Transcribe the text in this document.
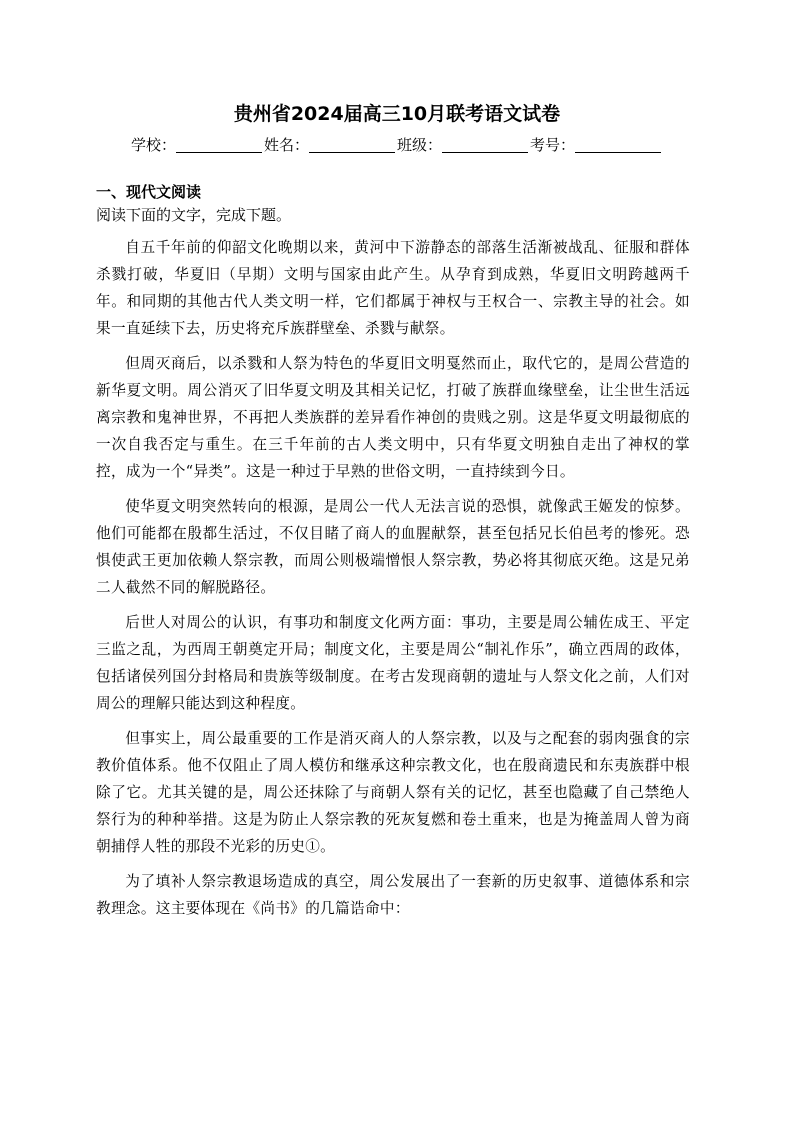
贵州省2024届高三10月联考语文试卷
学校：	姓名：	班级：	考号：
一、现代文阅读
阅读下面的文字，完成下题。

自五千年前的仰韶文化晚期以来，黄河中下游静态的部落生活渐被战乱、征服和群体杀戮打破，华夏旧（早期）文明与国家由此产生。从孕育到成熟，华夏旧文明跨越两千年。和同期的其他古代人类文明一样，它们都属于神权与王权合一、宗教主导的社会。如果一直延续下去，历史将充斥族群壁垒、杀戮与献祭。

但周灭商后，以杀戮和人祭为特色的华夏旧文明戛然而止，取代它的，是周公营造的新华夏文明。周公消灭了旧华夏文明及其相关记忆，打破了族群血缘壁垒，让尘世生活远离宗教和鬼神世界，不再把人类族群的差异看作神创的贵贱之别。这是华夏文明最彻底的一次自我否定与重生。在三千年前的古人类文明中，只有华夏文明独自走出了神权的掌控，成为一个“异类”。这是一种过于早熟的世俗文明，一直持续到今日。

使华夏文明突然转向的根源，是周公一代人无法言说的恐惧，就像武王姬发的惊梦。他们可能都在殷都生活过，不仅目睹了商人的血腥献祭，甚至包括兄长伯邑考的惨死。恐惧使武王更加依赖人祭宗教，而周公则极端憎恨人祭宗教，势必将其彻底灭绝。这是兄弟二人截然不同的解脱路径。

后世人对周公的认识，有事功和制度文化两方面：事功，主要是周公辅佐成王、平定三监之乱，为西周王朝奠定开局；制度文化，主要是周公“制礼作乐”，确立西周的政体，包括诸侯列国分封格局和贵族等级制度。在考古发现商朝的遗址与人祭文化之前，人们对周公的理解只能达到这种程度。

但事实上，周公最重要的工作是消灭商人的人祭宗教，以及与之配套的弱肉强食的宗教价值体系。他不仅阻止了周人模仿和继承这种宗教文化，也在殷商遗民和东夷族群中根除了它。尤其关键的是，周公还抹除了与商朝人祭有关的记忆，甚至也隐藏了自己禁绝人祭行为的种种举措。这是为防止人祭宗教的死灰复燃和卷土重来，也是为掩盖周人曾为商朝捕俘人牲的那段不光彩的历史①。

为了填补人祭宗教退场造成的真空，周公发展出了一套新的历史叙事、道德体系和宗教理念。这主要体现在《尚书》的几篇诰命中：
